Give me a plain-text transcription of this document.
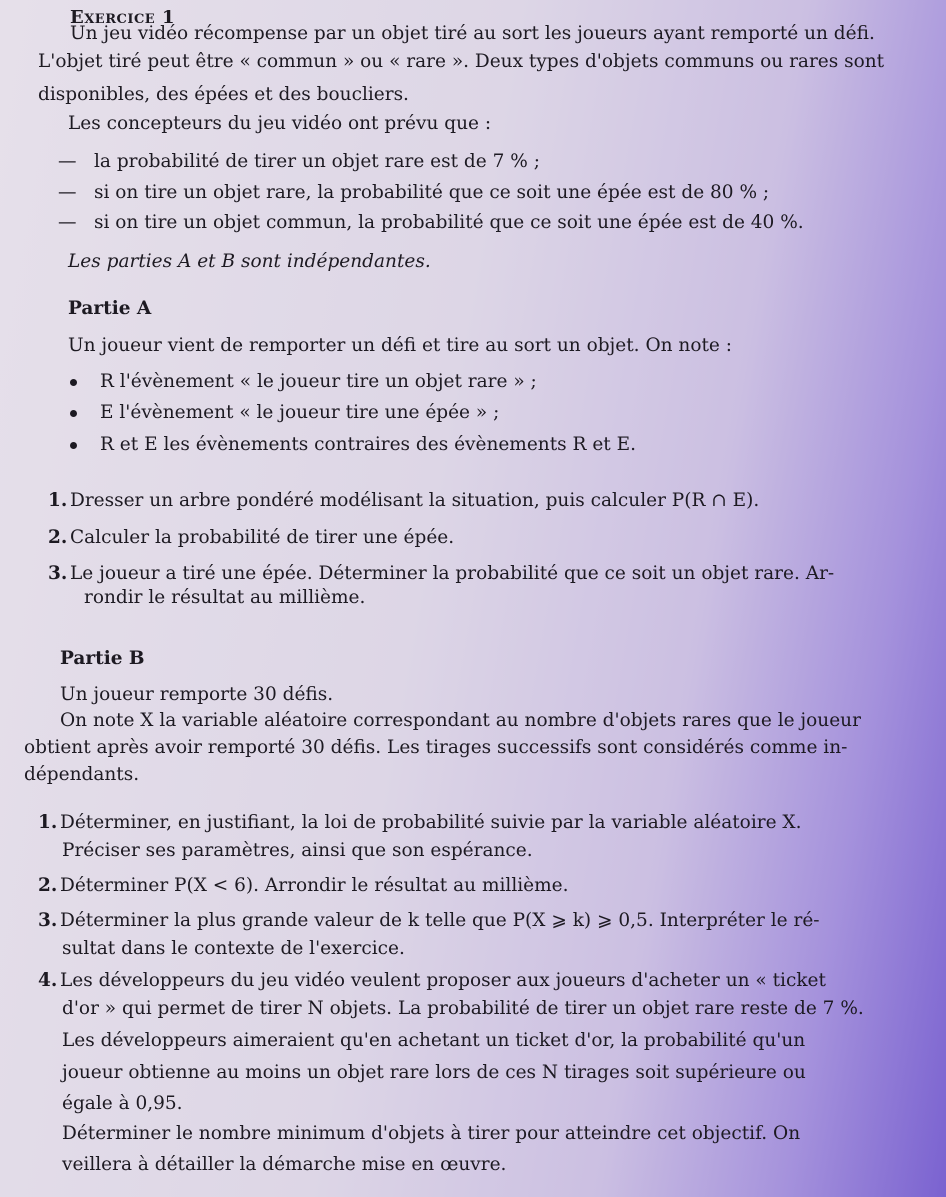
Exercice 1
Un jeu vidéo récompense par un objet tiré au sort les joueurs ayant remporté un défi.
L'objet tiré peut être « commun » ou « rare ». Deux types d'objets communs ou rares sont
disponibles, des épées et des boucliers.
Les concepteurs du jeu vidéo ont prévu que :
— la probabilité de tirer un objet rare est de 7 % ;
— si on tire un objet rare, la probabilité que ce soit une épée est de 80 % ;
— si on tire un objet commun, la probabilité que ce soit une épée est de 40 %.
Les parties A et B sont indépendantes.
Partie A
Un joueur vient de remporter un défi et tire au sort un objet. On note :
R l'évènement « le joueur tire un objet rare » ;
E l'évènement « le joueur tire une épée » ;
R et E les évènements contraires des évènements R et E.
1. Dresser un arbre pondéré modélisant la situation, puis calculer P(R ∩ E).
2. Calculer la probabilité de tirer une épée.
3. Le joueur a tiré une épée. Déterminer la probabilité que ce soit un objet rare. Ar-
rondir le résultat au millième.
Partie B
Un joueur remporte 30 défis.
On note X la variable aléatoire correspondant au nombre d'objets rares que le joueur
obtient après avoir remporté 30 défis. Les tirages successifs sont considérés comme in-
dépendants.
1. Déterminer, en justifiant, la loi de probabilité suivie par la variable aléatoire X.
Préciser ses paramètres, ainsi que son espérance.
2. Déterminer P(X < 6). Arrondir le résultat au millième.
3. Déterminer la plus grande valeur de k telle que P(X ⩾ k) ⩾ 0,5. Interpréter le ré-
sultat dans le contexte de l'exercice.
4. Les développeurs du jeu vidéo veulent proposer aux joueurs d'acheter un « ticket
d'or » qui permet de tirer N objets. La probabilité de tirer un objet rare reste de 7 %.
Les développeurs aimeraient qu'en achetant un ticket d'or, la probabilité qu'un
joueur obtienne au moins un objet rare lors de ces N tirages soit supérieure ou
égale à 0,95.
Déterminer le nombre minimum d'objets à tirer pour atteindre cet objectif. On
veillera à détailler la démarche mise en œuvre.
